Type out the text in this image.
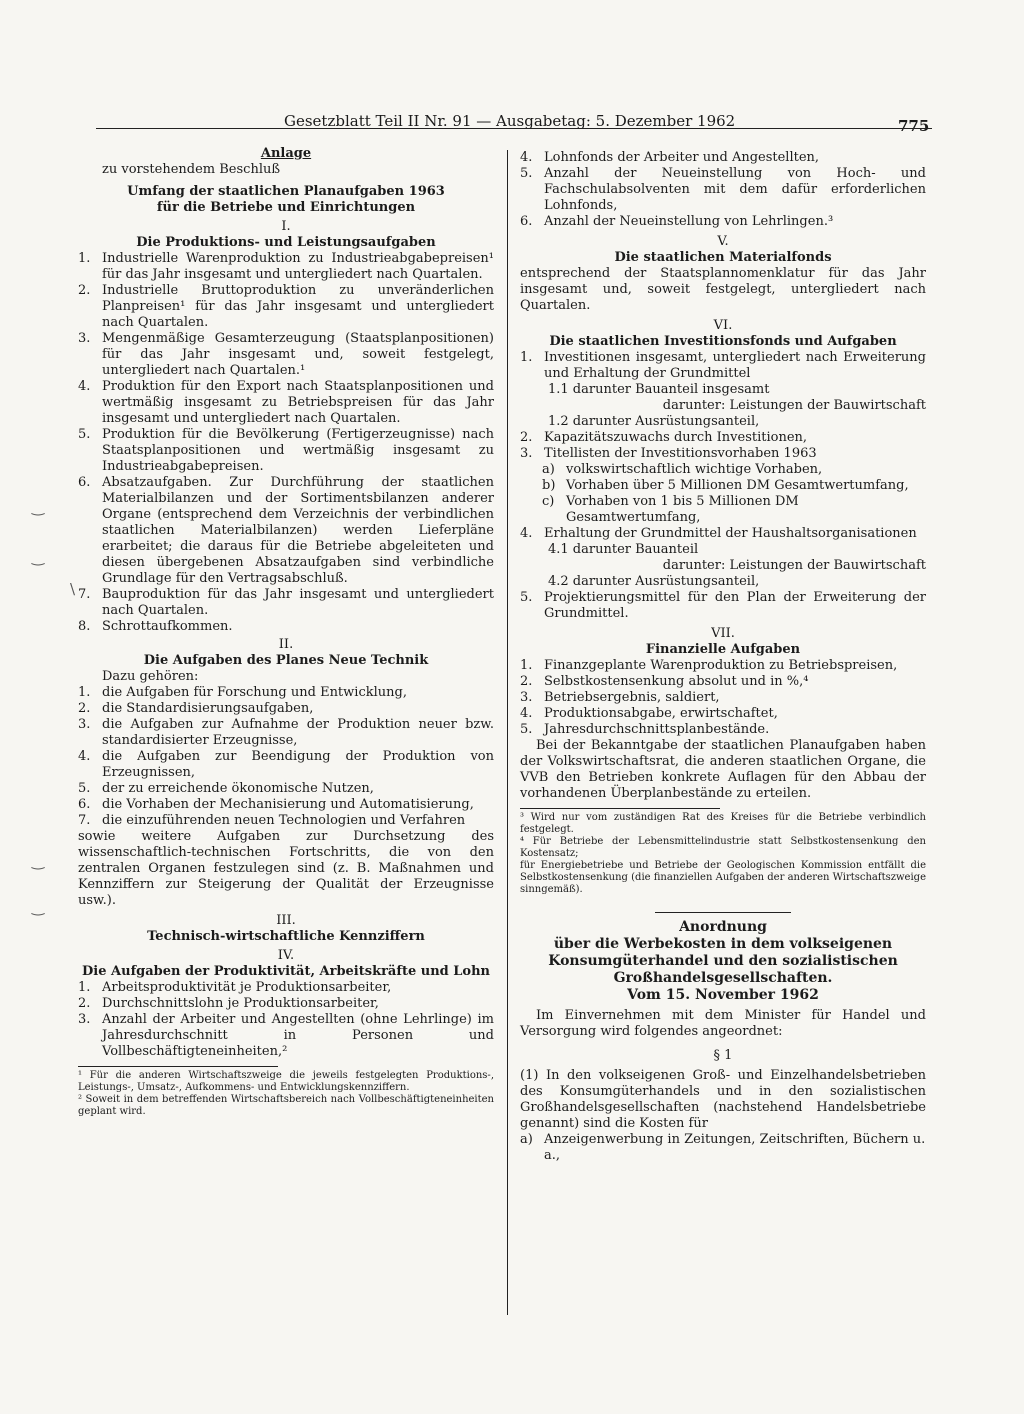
Gesetzblatt Teil II Nr. 91 — Ausgabetag: 5. Dezember 1962	775
‿
‿
\
‿
‿
Anlage
zu vorstehendem Beschluß
Umfang der staatlichen Planaufgaben 1963
für die Betriebe und Einrichtungen
I.
Die Produktions- und Leistungsaufgaben
1. Industrielle Warenproduktion zu Industrieabgabepreisen¹ für das Jahr insgesamt und untergliedert nach Quartalen.
2. Industrielle Bruttoproduktion zu unveränderlichen Planpreisen¹ für das Jahr insgesamt und untergliedert nach Quartalen.
3. Mengenmäßige Gesamterzeugung (Staatsplanpositionen) für das Jahr insgesamt und, soweit festgelegt, untergliedert nach Quartalen.¹
4. Produktion für den Export nach Staatsplanpositionen und wertmäßig insgesamt zu Betriebspreisen für das Jahr insgesamt und untergliedert nach Quartalen.
5. Produktion für die Bevölkerung (Fertigerzeugnisse) nach Staatsplanpositionen und wertmäßig insgesamt zu Industrieabgabepreisen.
6. Absatzaufgaben. Zur Durchführung der staatlichen Materialbilanzen und der Sortimentsbilanzen anderer Organe (entsprechend dem Verzeichnis der verbindlichen staatlichen Materialbilanzen) werden Lieferpläne erarbeitet; die daraus für die Betriebe abgeleiteten und diesen übergebenen Absatzaufgaben sind verbindliche Grundlage für den Vertragsabschluß.
7. Bauproduktion für das Jahr insgesamt und untergliedert nach Quartalen.
8. Schrottaufkommen.
II.
Die Aufgaben des Planes Neue Technik
Dazu gehören:
1. die Aufgaben für Forschung und Entwicklung,
2. die Standardisierungsaufgaben,
3. die Aufgaben zur Aufnahme der Produktion neuer bzw. standardisierter Erzeugnisse,
4. die Aufgaben zur Beendigung der Produktion von Erzeugnissen,
5. der zu erreichende ökonomische Nutzen,
6. die Vorhaben der Mechanisierung und Automatisierung,
7. die einzuführenden neuen Technologien und Verfahren
sowie weitere Aufgaben zur Durchsetzung des wissenschaftlich-technischen Fortschritts, die von den zentralen Organen festzulegen sind (z. B. Maßnahmen und Kennziffern zur Steigerung der Qualität der Erzeugnisse usw.).
III.
Technisch-wirtschaftliche Kennziffern
IV.
Die Aufgaben der Produktivität, Arbeitskräfte und Lohn
1. Arbeitsproduktivität je Produktionsarbeiter,
2. Durchschnittslohn je Produktionsarbeiter,
3. Anzahl der Arbeiter und Angestellten (ohne Lehrlinge) im Jahresdurchschnitt in Personen und Vollbeschäftigteneinheiten,²
¹ Für die anderen Wirtschaftszweige die jeweils festgelegten Produktions-, Leistungs-, Umsatz-, Aufkommens- und Entwicklungskennziffern.
² Soweit in dem betreffenden Wirtschaftsbereich nach Vollbeschäftigteneinheiten geplant wird.
4. Lohnfonds der Arbeiter und Angestellten,
5. Anzahl der Neueinstellung von Hoch- und Fachschulabsolventen mit dem dafür erforderlichen Lohnfonds,
6. Anzahl der Neueinstellung von Lehrlingen.³
V.
Die staatlichen Materialfonds
entsprechend der Staatsplannomenklatur für das Jahr insgesamt und, soweit festgelegt, untergliedert nach Quartalen.
VI.
Die staatlichen Investitionsfonds und Aufgaben
1. Investitionen insgesamt, untergliedert nach Erweiterung und Erhaltung der Grundmittel
1.1 darunter Bauanteil insgesamt
darunter: Leistungen der Bauwirtschaft
1.2 darunter Ausrüstungsanteil,
2. Kapazitätszuwachs durch Investitionen,
3. Titellisten der Investitionsvorhaben 1963
a) volkswirtschaftlich wichtige Vorhaben,
b) Vorhaben über 5 Millionen DM Gesamtwertumfang,
c) Vorhaben von 1 bis 5 Millionen DM Gesamtwertumfang,
4. Erhaltung der Grundmittel der Haushaltsorganisationen
4.1 darunter Bauanteil
darunter: Leistungen der Bauwirtschaft
4.2 darunter Ausrüstungsanteil,
5. Projektierungsmittel für den Plan der Erweiterung der Grundmittel.
VII.
Finanzielle Aufgaben
1. Finanzgeplante Warenproduktion zu Betriebspreisen,
2. Selbstkostensenkung absolut und in %,⁴
3. Betriebsergebnis, saldiert,
4. Produktionsabgabe, erwirtschaftet,
5. Jahresdurchschnittsplanbestände.
Bei der Bekanntgabe der staatlichen Planaufgaben haben der Volkswirtschaftsrat, die anderen staatlichen Organe, die VVB den Betrieben konkrete Auflagen für den Abbau der vorhandenen Überplanbestände zu erteilen.
³ Wird nur vom zuständigen Rat des Kreises für die Betriebe verbindlich festgelegt.
⁴ Für Betriebe der Lebensmittelindustrie statt Selbstkostensenkung den Kostensatz;
für Energiebetriebe und Betriebe der Geologischen Kommission entfällt die Selbstkostensenkung (die finanziellen Aufgaben der anderen Wirtschaftszweige sinngemäß).
Anordnung
über die Werbekosten in dem volkseigenen
Konsumgüterhandel und den sozialistischen
Großhandelsgesellschaften.
Vom 15. November 1962
Im Einvernehmen mit dem Minister für Handel und Versorgung wird folgendes angeordnet:
§ 1
(1) In den volkseigenen Groß- und Einzelhandelsbetrieben des Konsumgüterhandels und in den sozialistischen Großhandelsgesellschaften (nachstehend Handelsbetriebe genannt) sind die Kosten für
a) Anzeigenwerbung in Zeitungen, Zeitschriften, Büchern u. a.,
